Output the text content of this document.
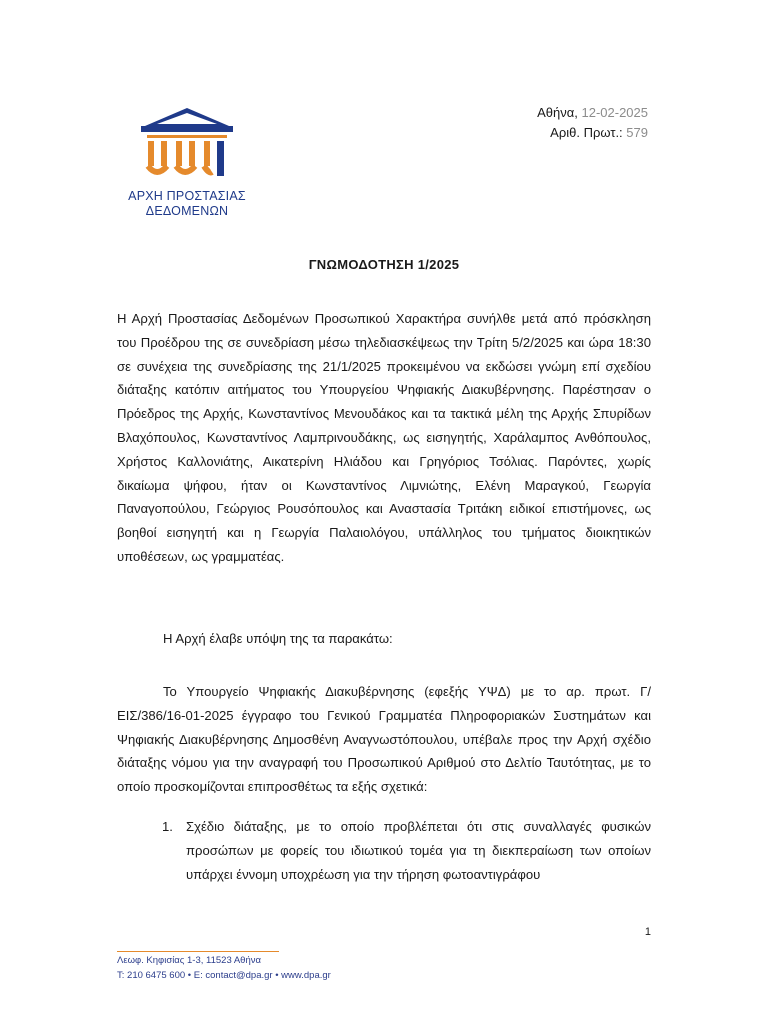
ΑΡΧΗ ΠΡΟΣΤΑΣΙΑΣ
ΔΕΔΟΜΕΝΩΝ
Αθήνα, 12-02-2025
Αριθ. Πρωτ.: 579
ΓΝΩΜΟΔΟΤΗΣΗ 1/2025
Η Αρχή Προστασίας Δεδομένων Προσωπικού Χαρακτήρα συνήλθε μετά από πρόσκληση του Προέδρου της σε συνεδρίαση μέσω τηλεδιασκέψεως την Τρίτη 5/2/2025 και ώρα 18:30 σε συνέχεια της συνεδρίασης της 21/1/2025 προκειμένου να εκδώσει γνώμη επί σχεδίου διάταξης κατόπιν αιτήματος του Υπουργείου Ψηφιακής Διακυβέρνησης. Παρέστησαν ο Πρόεδρος της Αρχής, Κωνσταντίνος Μενουδάκος και τα τακτικά μέλη της Αρχής Σπυρίδων Βλαχόπουλος, Κωνσταντίνος Λαμπρινουδάκης, ως εισηγητής, Χαράλαμπος Ανθόπουλος, Χρήστος Καλλονιάτης, Αικατερίνη Ηλιάδου και Γρηγόριος Τσόλιας. Παρόντες, χωρίς δικαίωμα ψήφου, ήταν οι Κωνσταντίνος Λιμνιώτης, Ελένη Μαραγκού, Γεωργία Παναγοπούλου, Γεώργιος Ρουσόπουλος και Αναστασία Τριτάκη ειδικοί επιστήμονες, ως βοηθοί εισηγητή και η Γεωργία Παλαιολόγου, υπάλληλος του τμήματος διοικητικών υποθέσεων, ως γραμματέας.
Η Αρχή έλαβε υπόψη της τα παρακάτω:
Το Υπουργείο Ψηφιακής Διακυβέρνησης (εφεξής ΥΨΔ) με το αρ. πρωτ. Γ/ΕΙΣ/386/16-01-2025 έγγραφο του Γενικού Γραμματέα Πληροφοριακών Συστημάτων και Ψηφιακής Διακυβέρνησης Δημοσθένη Αναγνωστόπουλου, υπέβαλε προς την Αρχή σχέδιο διάταξης νόμου για την αναγραφή του Προσωπικού Αριθμού στο Δελτίο Ταυτότητας, με το οποίο προσκομίζονται επιπροσθέτως τα εξής σχετικά:
1. Σχέδιο διάταξης, με το οποίο προβλέπεται ότι στις συναλλαγές φυσικών προσώπων με φορείς του ιδιωτικού τομέα για τη διεκπεραίωση των οποίων υπάρχει έννομη υποχρέωση για την τήρηση φωτοαντιγράφου
1
Λεωφ. Κηφισίας 1-3, 11523 Αθήνα
Τ: 210 6475 600 • Ε: contact@dpa.gr • www.dpa.gr
